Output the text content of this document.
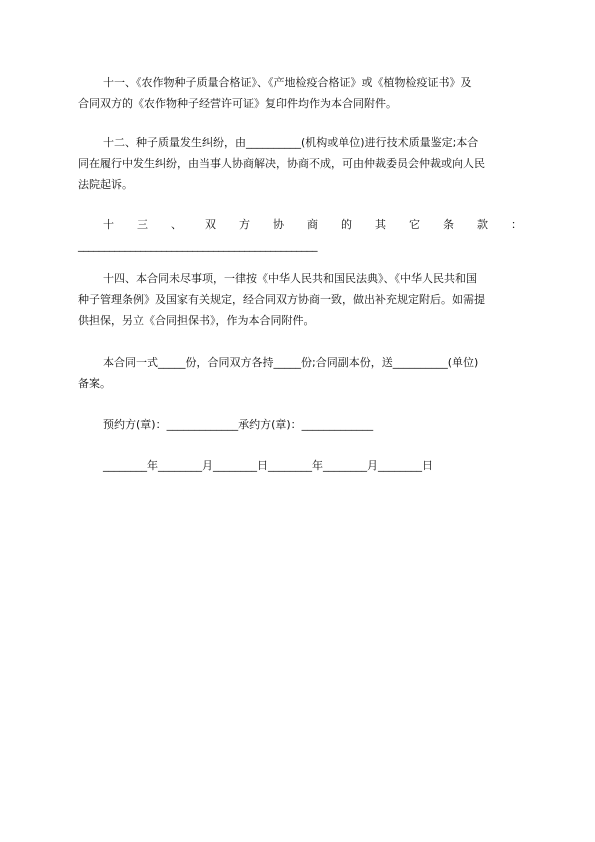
十一、《农作物种子质量合格证》、《产地检疫合格证》或《植物检疫证书》及
合同双方的《农作物种子经营许可证》复印件均作为本合同附件。
十二、种子质量发生纠纷，由__________(机构或单位)进行技术质量鉴定;本合
同在履行中发生纠纷，由当事人协商解决，协商不成，可由仲裁委员会仲裁或向人民
法院起诉。
十 三 、 双 方 协 商 的 其 它 条 款 ：
______________________________________________
十四、本合同未尽事项，一律按《中华人民共和国民法典》、《中华人民共和国
种子管理条例》及国家有关规定，经合同双方协商一致，做出补充规定附后。如需提
供担保，另立《合同担保书》，作为本合同附件。
本合同一式_____份，合同双方各持_____份;合同副本份，送__________(单位)
备案。
预约方(章)：_____________承约方(章)：_____________
________年________月________日________年________月________日
